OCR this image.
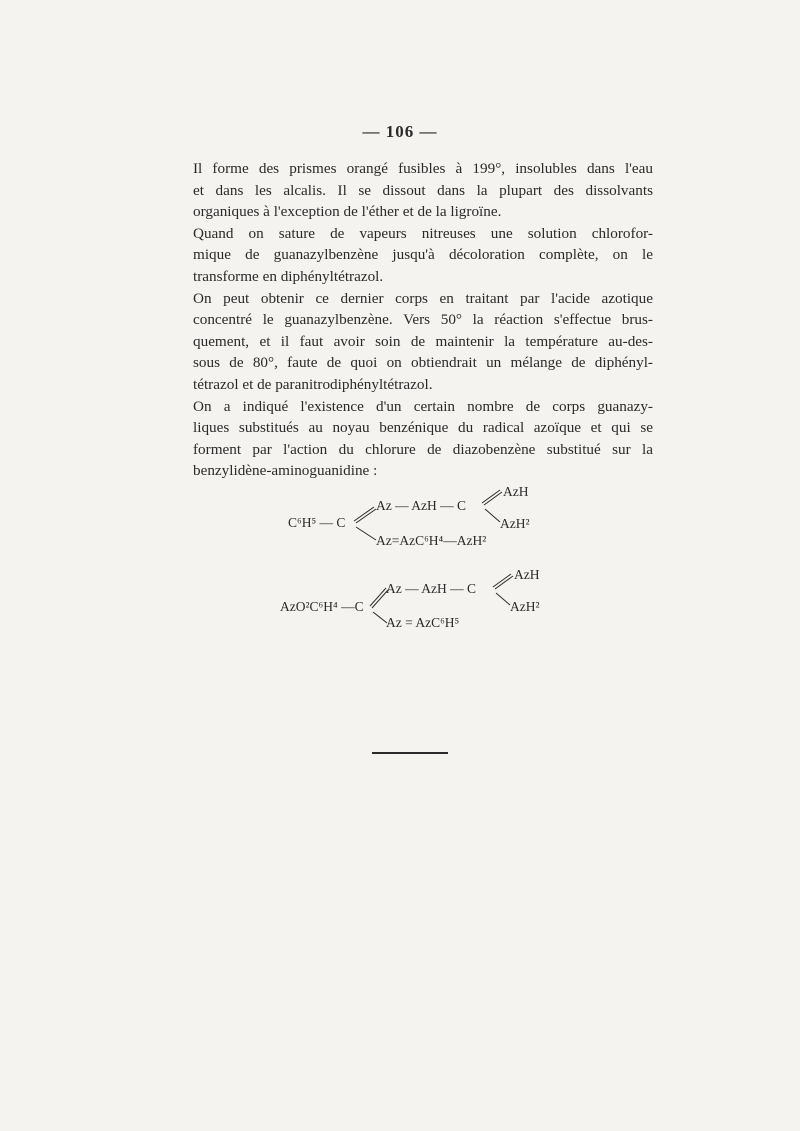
— 106 —

Il forme des prismes orangé fusibles à 199°, insolubles dans l'eau
et dans les alcalis. Il se dissout dans la plupart des dissolvants
organiques à l'exception de l'éther et de la ligroïne.

Quand on sature de vapeurs nitreuses une solution chlorofor-
mique de guanazylbenzène jusqu'à décoloration complète, on le
transforme en diphényltétrazol.

On peut obtenir ce dernier corps en traitant par l'acide azotique
concentré le guanazylbenzène. Vers 50° la réaction s'effectue brus-
quement, et il faut avoir soin de maintenir la température au-des-
sous de 80°, faute de quoi on obtiendrait un mélange de diphényl-
tétrazol et de paranitrodiphényltétrazol.

On a indiqué l'existence d'un certain nombre de corps guanazy-
liques substitués au noyau benzénique du radical azoïque et qui se
forment par l'action du chlorure de diazobenzène substitué sur la
benzylidène-aminoguanidine :

C⁶H⁵ — C
Az — AzH — C
AzH
AzH²
Az=AzC⁶H⁴—AzH²
AzO²C⁶H⁴ —C
Az — AzH — C
AzH
AzH²
Az = AzC⁶H⁵
